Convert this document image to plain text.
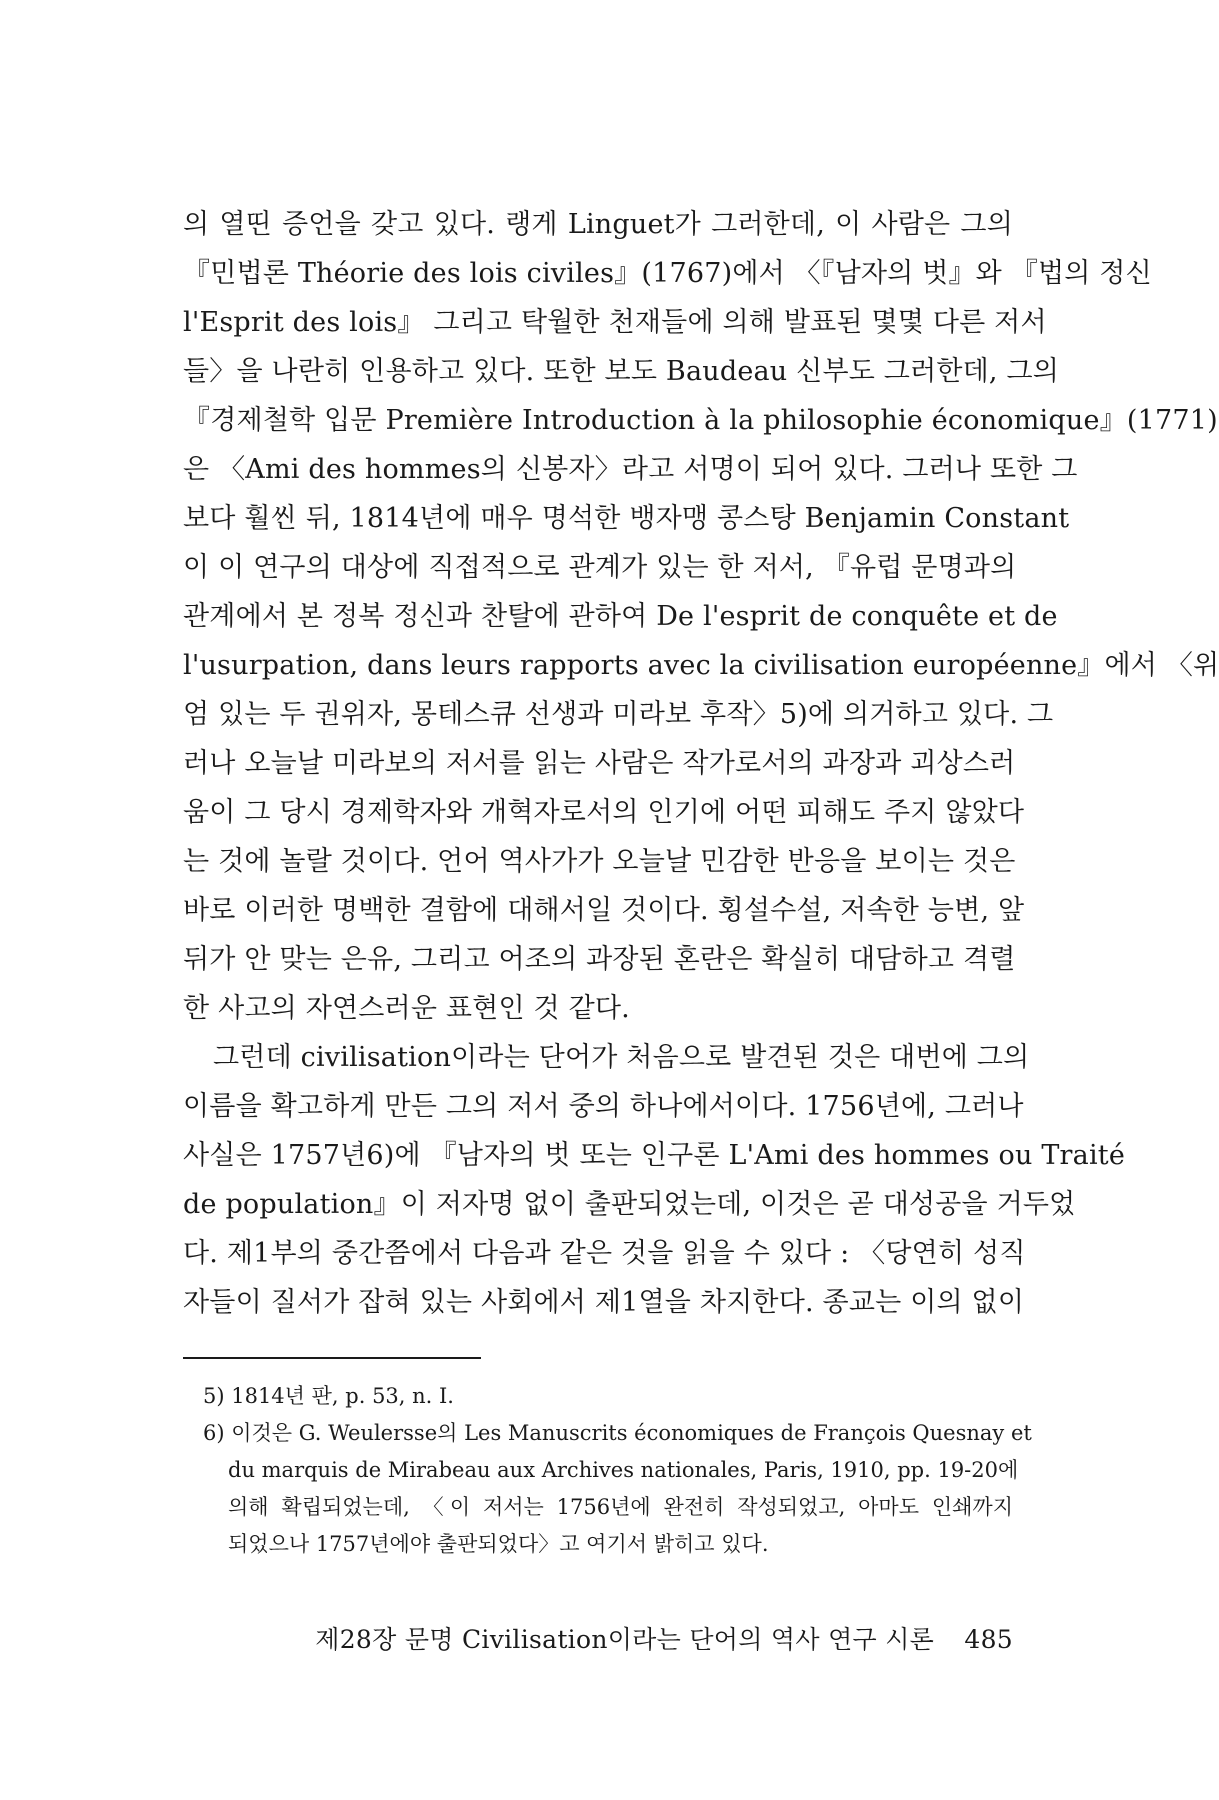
의 열띤 증언을 갖고 있다. 랭게 Linguet가 그러한데, 이 사람은 그의
『민법론 Théorie des lois civiles』(1767)에서 〈『남자의 벗』와 『법의 정신
l'Esprit des lois』 그리고 탁월한 천재들에 의해 발표된 몇몇 다른 저서
들〉을 나란히 인용하고 있다. 또한 보도 Baudeau 신부도 그러한데, 그의
『경제철학 입문 Première Introduction à la philosophie économique』(1771)
은 〈Ami des hommes의 신봉자〉라고 서명이 되어 있다. 그러나 또한 그
보다 훨씬 뒤, 1814년에 매우 명석한 뱅자맹 콩스탕 Benjamin Constant
이 이 연구의 대상에 직접적으로 관계가 있는 한 저서, 『유럽 문명과의
관계에서 본 정복 정신과 찬탈에 관하여 De l'esprit de conquête et de
l'usurpation, dans leurs rapports avec la civilisation européenne』에서 〈위
엄 있는 두 권위자, 몽테스큐 선생과 미라보 후작〉5)에 의거하고 있다. 그
러나 오늘날 미라보의 저서를 읽는 사람은 작가로서의 과장과 괴상스러
움이 그 당시 경제학자와 개혁자로서의 인기에 어떤 피해도 주지 않았다
는 것에 놀랄 것이다. 언어 역사가가 오늘날 민감한 반응을 보이는 것은
바로 이러한 명백한 결함에 대해서일 것이다. 횡설수설, 저속한 능변, 앞
뒤가 안 맞는 은유, 그리고 어조의 과장된 혼란은 확실히 대담하고 격렬
한 사고의 자연스러운 표현인 것 같다.
그런데 civilisation이라는 단어가 처음으로 발견된 것은 대번에 그의
이름을 확고하게 만든 그의 저서 중의 하나에서이다. 1756년에, 그러나
사실은 1757년6)에 『남자의 벗 또는 인구론 L'Ami des hommes ou Traité
de population』이 저자명 없이 출판되었는데, 이것은 곧 대성공을 거두었
다. 제1부의 중간쯤에서 다음과 같은 것을 읽을 수 있다 : 〈당연히 성직
자들이 질서가 잡혀 있는 사회에서 제1열을 차지한다. 종교는 이의 없이
5) 1814년 판, p. 53, n. I.
6) 이것은 G. Weulersse의 Les Manuscrits économiques de François Quesnay et
du marquis de Mirabeau aux Archives nationales, Paris, 1910, pp. 19-20에
의해 확립되었는데, 〈이 저서는 1756년에 완전히 작성되었고, 아마도 인쇄까지
되었으나 1757년에야 출판되었다〉고 여기서 밝히고 있다.
제28장 문명 Civilisation이라는 단어의 역사 연구 시론 485
